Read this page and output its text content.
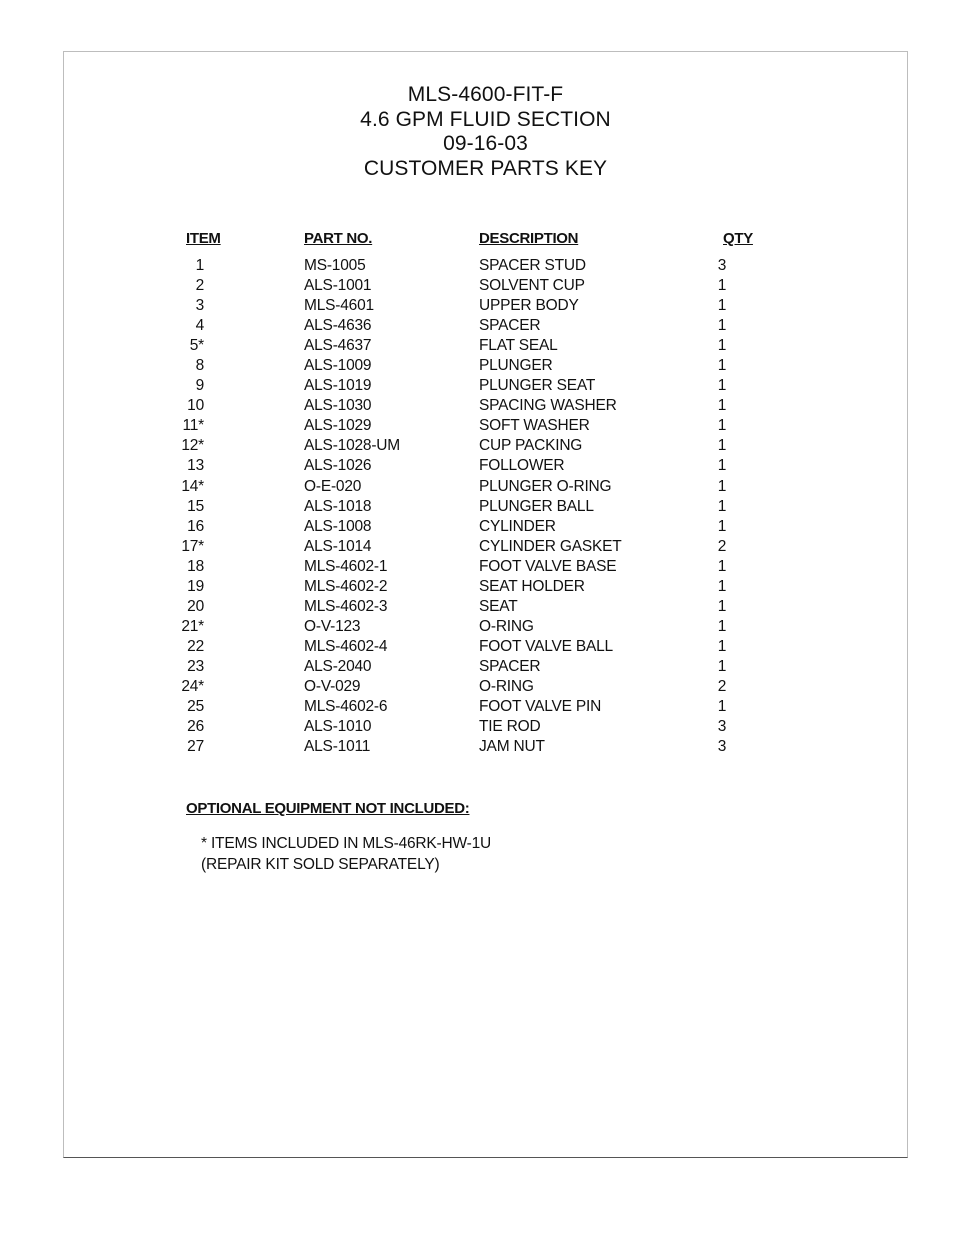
MLS-4600-FIT-F
4.6 GPM FLUID SECTION
09-16-03
CUSTOMER PARTS KEY
ITEM	PART NO.	DESCRIPTION	QTY
1	MS-1005	SPACER STUD	3
2	ALS-1001	SOLVENT CUP	1
3	MLS-4601	UPPER BODY	1
4	ALS-4636	SPACER	1
5*	ALS-4637	FLAT SEAL	1
8	ALS-1009	PLUNGER	1
9	ALS-1019	PLUNGER SEAT	1
10	ALS-1030	SPACING WASHER	1
11*	ALS-1029	SOFT WASHER	1
12*	ALS-1028-UM	CUP PACKING	1
13	ALS-1026	FOLLOWER	1
14*	O-E-020	PLUNGER O-RING	1
15	ALS-1018	PLUNGER BALL	1
16	ALS-1008	CYLINDER	1
17*	ALS-1014	CYLINDER GASKET	2
18	MLS-4602-1	FOOT VALVE BASE	1
19	MLS-4602-2	SEAT HOLDER	1
20	MLS-4602-3	SEAT	1
21*	O-V-123	O-RING	1
22	MLS-4602-4	FOOT VALVE BALL	1
23	ALS-2040	SPACER	1
24*	O-V-029	O-RING	2
25	MLS-4602-6	FOOT VALVE PIN	1
26	ALS-1010	TIE ROD	3
27	ALS-1011	JAM NUT	3
OPTIONAL EQUIPMENT NOT INCLUDED:
* ITEMS INCLUDED IN MLS-46RK-HW-1U
(REPAIR KIT SOLD SEPARATELY)
